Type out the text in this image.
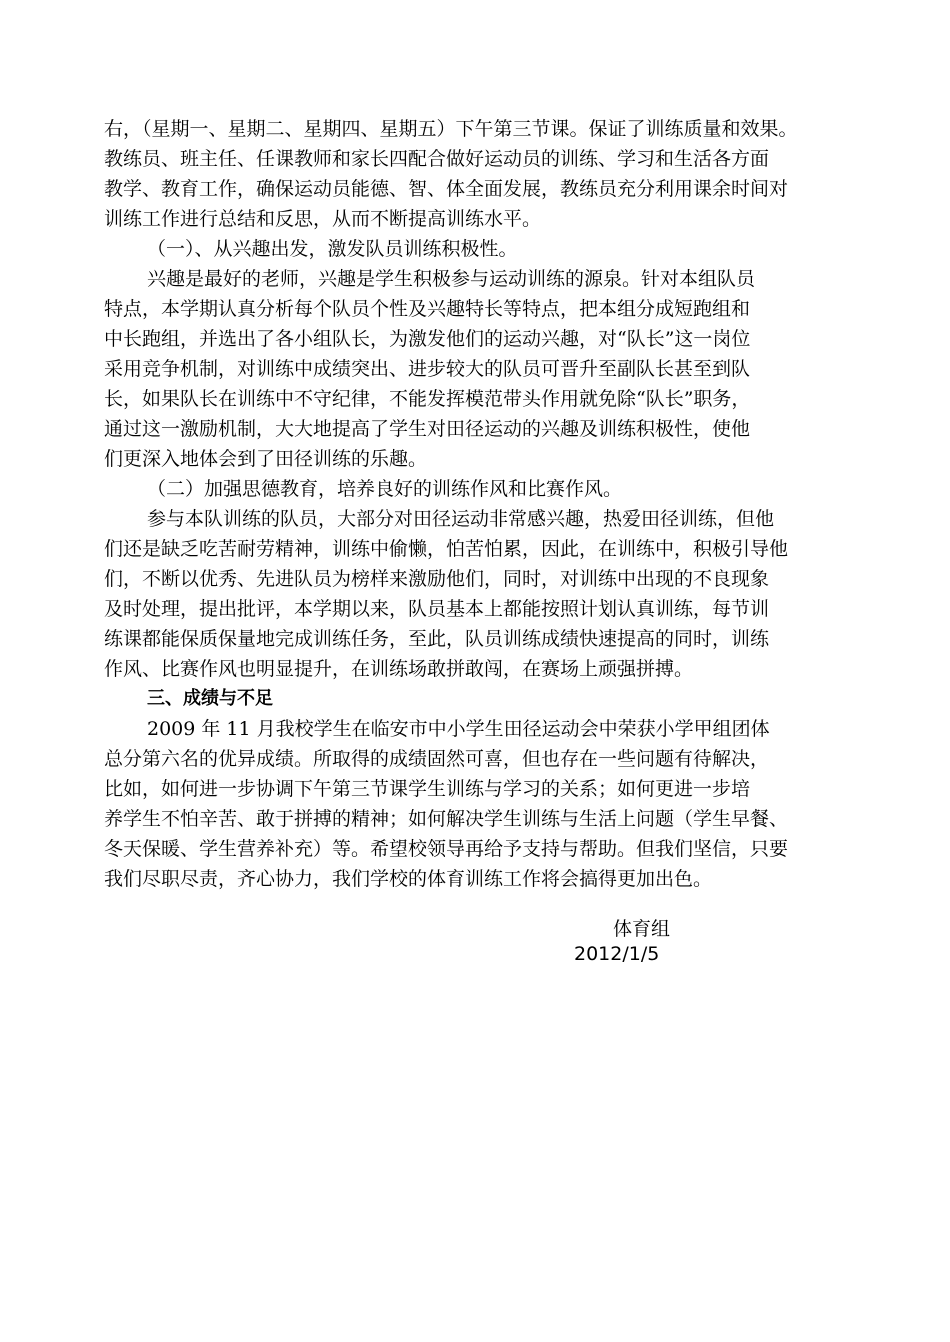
右，（星期一、星期二、星期四、星期五）下午第三节课。保证了训练质量和效果。
教练员、班主任、任课教师和家长四配合做好运动员的训练、学习和生活各方面
教学、教育工作，确保运动员能德、智、体全面发展，教练员充分利用课余时间对
训练工作进行总结和反思，从而不断提高训练水平。
（一）、从兴趣出发，激发队员训练积极性。
兴趣是最好的老师，兴趣是学生积极参与运动训练的源泉。针对本组队员
特点，本学期认真分析每个队员个性及兴趣特长等特点，把本组分成短跑组和
中长跑组，并选出了各小组队长，为激发他们的运动兴趣，对“队长”这一岗位
采用竞争机制，对训练中成绩突出、进步较大的队员可晋升至副队长甚至到队
长，如果队长在训练中不守纪律，不能发挥模范带头作用就免除“队长”职务，
通过这一激励机制，大大地提高了学生对田径运动的兴趣及训练积极性，使他
们更深入地体会到了田径训练的乐趣。
（二）加强思德教育，培养良好的训练作风和比赛作风。
参与本队训练的队员，大部分对田径运动非常感兴趣，热爱田径训练，但他
们还是缺乏吃苦耐劳精神，训练中偷懒，怕苦怕累，因此，在训练中，积极引导他
们，不断以优秀、先进队员为榜样来激励他们，同时，对训练中出现的不良现象
及时处理，提出批评，本学期以来，队员基本上都能按照计划认真训练，每节训
练课都能保质保量地完成训练任务，至此，队员训练成绩快速提高的同时，训练
作风、比赛作风也明显提升，在训练场敢拼敢闯，在赛场上顽强拼搏。
三、成绩与不足
2009 年 11 月我校学生在临安市中小学生田径运动会中荣获小学甲组团体
总分第六名的优异成绩。所取得的成绩固然可喜，但也存在一些问题有待解决，
比如，如何进一步协调下午第三节课学生训练与学习的关系；如何更进一步培
养学生不怕辛苦、敢于拼搏的精神；如何解决学生训练与生活上问题（学生早餐、
冬天保暖、学生营养补充）等。希望校领导再给予支持与帮助。但我们坚信，只要
我们尽职尽责，齐心协力，我们学校的体育训练工作将会搞得更加出色。
体育组
2012/1/5
